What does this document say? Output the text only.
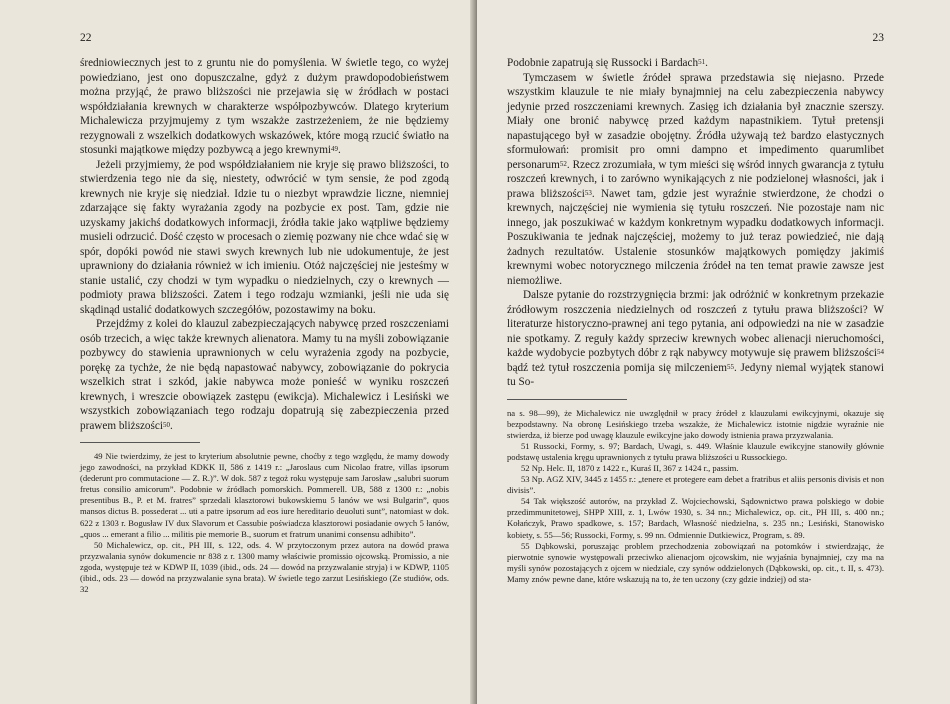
22

średniowiecznych jest to z gruntu nie do pomyślenia. W świetle tego, co wyżej powiedziano, jest ono dopuszczalne, gdyż z dużym prawdopodobieństwem można przyjąć, że prawo bliższości nie przejawia się w źródłach w postaci współdziałania krewnych w charakterze współpozbywców. Dlatego kryterium Michalewicza przyjmujemy z tym wszakże zastrzeżeniem, że nie będziemy rezygnowali z wszelkich dodatkowych wskazówek, które mogą rzucić światło na stosunki majątkowe między pozbywcą a jego krewnymi$^{49}$.

Jeżeli przyjmiemy, że pod współdziałaniem nie kryje się prawo bliższości, to stwierdzenia tego nie da się, niestety, odwrócić w tym sensie, że pod zgodą krewnych nie kryje się niedział. Idzie tu o niezbyt wprawdzie liczne, niemniej zdarzające się fakty wyrażania zgody na pozbycie ex post. Tam, gdzie nie uzyskamy jakichś dodatkowych informacji, źródła takie jako wątpliwe będziemy musieli odrzucić. Dość często w procesach o ziemię pozwany nie chce wdać się w spór, dopóki powód nie stawi swych krewnych lub nie udokumentuje, że jest uprawniony do działania również w ich imieniu. Otóż najczęściej nie jesteśmy w stanie ustalić, czy chodzi w tym wypadku o niedzielnych, czy o krewnych — podmioty prawa bliższości. Zatem i tego rodzaju wzmianki, jeśli nie uda się skądinąd ustalić dodatkowych szczegółów, pozostawimy na boku.

Przejdźmy z kolei do klauzul zabezpieczających nabywcę przed roszczeniami osób trzecich, a więc także krewnych alienatora. Mamy tu na myśli zobowiązanie pozbywcy do stawienia uprawnionych w celu wyrażenia zgody na pozbycie, porękę za tychże, że nie będą napastować nabywcy, zobowiązanie do pokrycia wszelkich strat i szkód, jakie nabywca może ponieść w wyniku roszczeń krewnych, i wreszcie obowiązek zastępu (ewikcja). Michalewicz i Lesiński we wszystkich zobowiązaniach tego rodzaju dopatrują się zabezpieczenia przed prawem bliższości$^{50}$.

49 Nie twierdzimy, że jest to kryterium absolutnie pewne, choćby z tego względu, że mamy dowody jego zawodności, na przykład KDKK II, 586 z 1419 r.: „Jaroslaus cum Nicolao fratre, villas ipsorum (dederunt pro commutacione — Z. R.)”. W dok. 587 z tegoż roku występuje sam Jarosław „salubri suorum fretus consilio amicorum”. Podobnie w źródłach pomorskich. Pommerell. UB, 588 z 1300 r.: „nobis presentibus B., P. et M. fratres” sprzedali klasztorowi bukowskiemu 5 łanów we wsi Bulgarin”, quos mansos dictus B. possederat ... uti a patre ipsorum ad eos iure hereditario deuoluti sunt”, natomiast w dok. 622 z 1303 r. Bogusław IV dux Slavorum et Cassubie poświadcza klasztorowi posiadanie owych 5 łanów, „quos ... emerant a filio ... militis pie memorie B., suorum et fratrum unanimi consensu adhibito”.

50 Michalewicz, op. cit., PH III, s. 122, ods. 4. W przytoczonym przez autora na dowód prawa przyzwalania synów dokumencie nr 838 z r. 1300 mamy właściwie promissio ojcowską. Promissio, a nie zgoda, występuje też w KDWP II, 1039 (ibid., ods. 24 — dowód na przyzwalanie stryja) i w KDWP, 1105 (ibid., ods. 23 — dowód na przyzwalanie syna brata). W świetle tego zarzut Lesińskiego (Ze studiów, ods. 32

23

Podobnie zapatrują się Russocki i Bardach$^{51}$.

Tymczasem w świetle źródeł sprawa przedstawia się niejasno. Przede wszystkim klauzule te nie miały bynajmniej na celu zabezpieczenia nabywcy jedynie przed roszczeniami krewnych. Zasięg ich działania był znacznie szerszy. Miały one bronić nabywcę przed każdym napastnikiem. Tytuł pretensji napastującego był w zasadzie obojętny. Źródła używają też bardzo elastycznych sformułowań: promisit pro omni dampno et impedimento quarumlibet personarum$^{52}$. Rzecz zrozumiała, w tym mieści się wśród innych gwarancja z tytułu roszczeń krewnych, i to zarówno wynikających z nie podzielonej własności, jak i prawa bliższości$^{53}$. Nawet tam, gdzie jest wyraźnie stwierdzone, że chodzi o krewnych, najczęściej nie wymienia się tytułu roszczeń. Nie pozostaje nam nic innego, jak poszukiwać w każdym konkretnym wypadku dodatkowych informacji. Poszukiwania te jednak najczęściej, możemy to już teraz powiedzieć, nie dają żadnych rezultatów. Ustalenie stosunków majątkowych pomiędzy jakimiś krewnymi wobec notorycznego milczenia źródeł na ten temat prawie zawsze jest niemożliwe.

Dalsze pytanie do rozstrzygnięcia brzmi: jak odróżnić w konkretnym przekazie źródłowym roszczenia niedzielnych od roszczeń z tytułu prawa bliższości? W literaturze historyczno-prawnej ani tego pytania, ani odpowiedzi na nie w zasadzie nie spotkamy. Z reguły każdy sprzeciw krewnych wobec alienacji nieruchomości, każde wydobycie pozbytych dóbr z rąk nabywcy motywuje się prawem bliższości$^{54}$ bądź też tytuł roszczenia pomija się milczeniem$^{55}$. Jedyny niemal wyjątek stanowi tu So-

na s. 98—99), że Michalewicz nie uwzględnił w pracy źródeł z klauzulami ewikcyjnymi, okazuje się bezpodstawny. Na obronę Lesińskiego trzeba wszakże, że Michalewicz istotnie nigdzie wyraźnie nie stwierdza, iż bierze pod uwagę klauzule ewikcyjne jako dowody istnienia prawa przyzwalania.

51 Russocki, Formy, s. 97; Bardach, Uwagi, s. 449. Właśnie klauzule ewikcyjne stanowiły głównie podstawę ustalenia kręgu uprawnionych z tytułu prawa bliższości u Russockiego.

52 Np. Helc. II, 1870 z 1422 r., Kuraś II, 367 z 1424 r., passim.

53 Np. AGZ XIV, 3445 z 1455 r.: „tenere et protegere eam debet a fratribus et aliis personis divisis et non divisis”.

54 Tak większość autorów, na przykład Z. Wojciechowski, Sądownictwo prawa polskiego w dobie przedimmunitetowej, SHPP XIII, z. 1, Lwów 1930, s. 34 nn.; Michalewicz, op. cit., PH III, s. 400 nn.; Kołańczyk, Prawo spadkowe, s. 157; Bardach, Własność niedzielna, s. 235 nn.; Lesiński, Stanowisko kobiety, s. 55—56; Russocki, Formy, s. 99 nn. Odmiennie Dutkiewicz, Program, s. 89.

55 Dąbkowski, poruszając problem przechodzenia zobowiązań na potomków i stwierdzając, że pierwotnie synowie występowali przeciwko alienacjom ojcowskim, nie wyjaśnia bynajmniej, czy ma na myśli synów pozostających z ojcem w niedziale, czy synów oddzielonych (Dąbkowski, op. cit., t. II, s. 473). Mamy znów pewne dane, które wskazują na to, że ten uczony (czy gdzie indziej) od sta-
